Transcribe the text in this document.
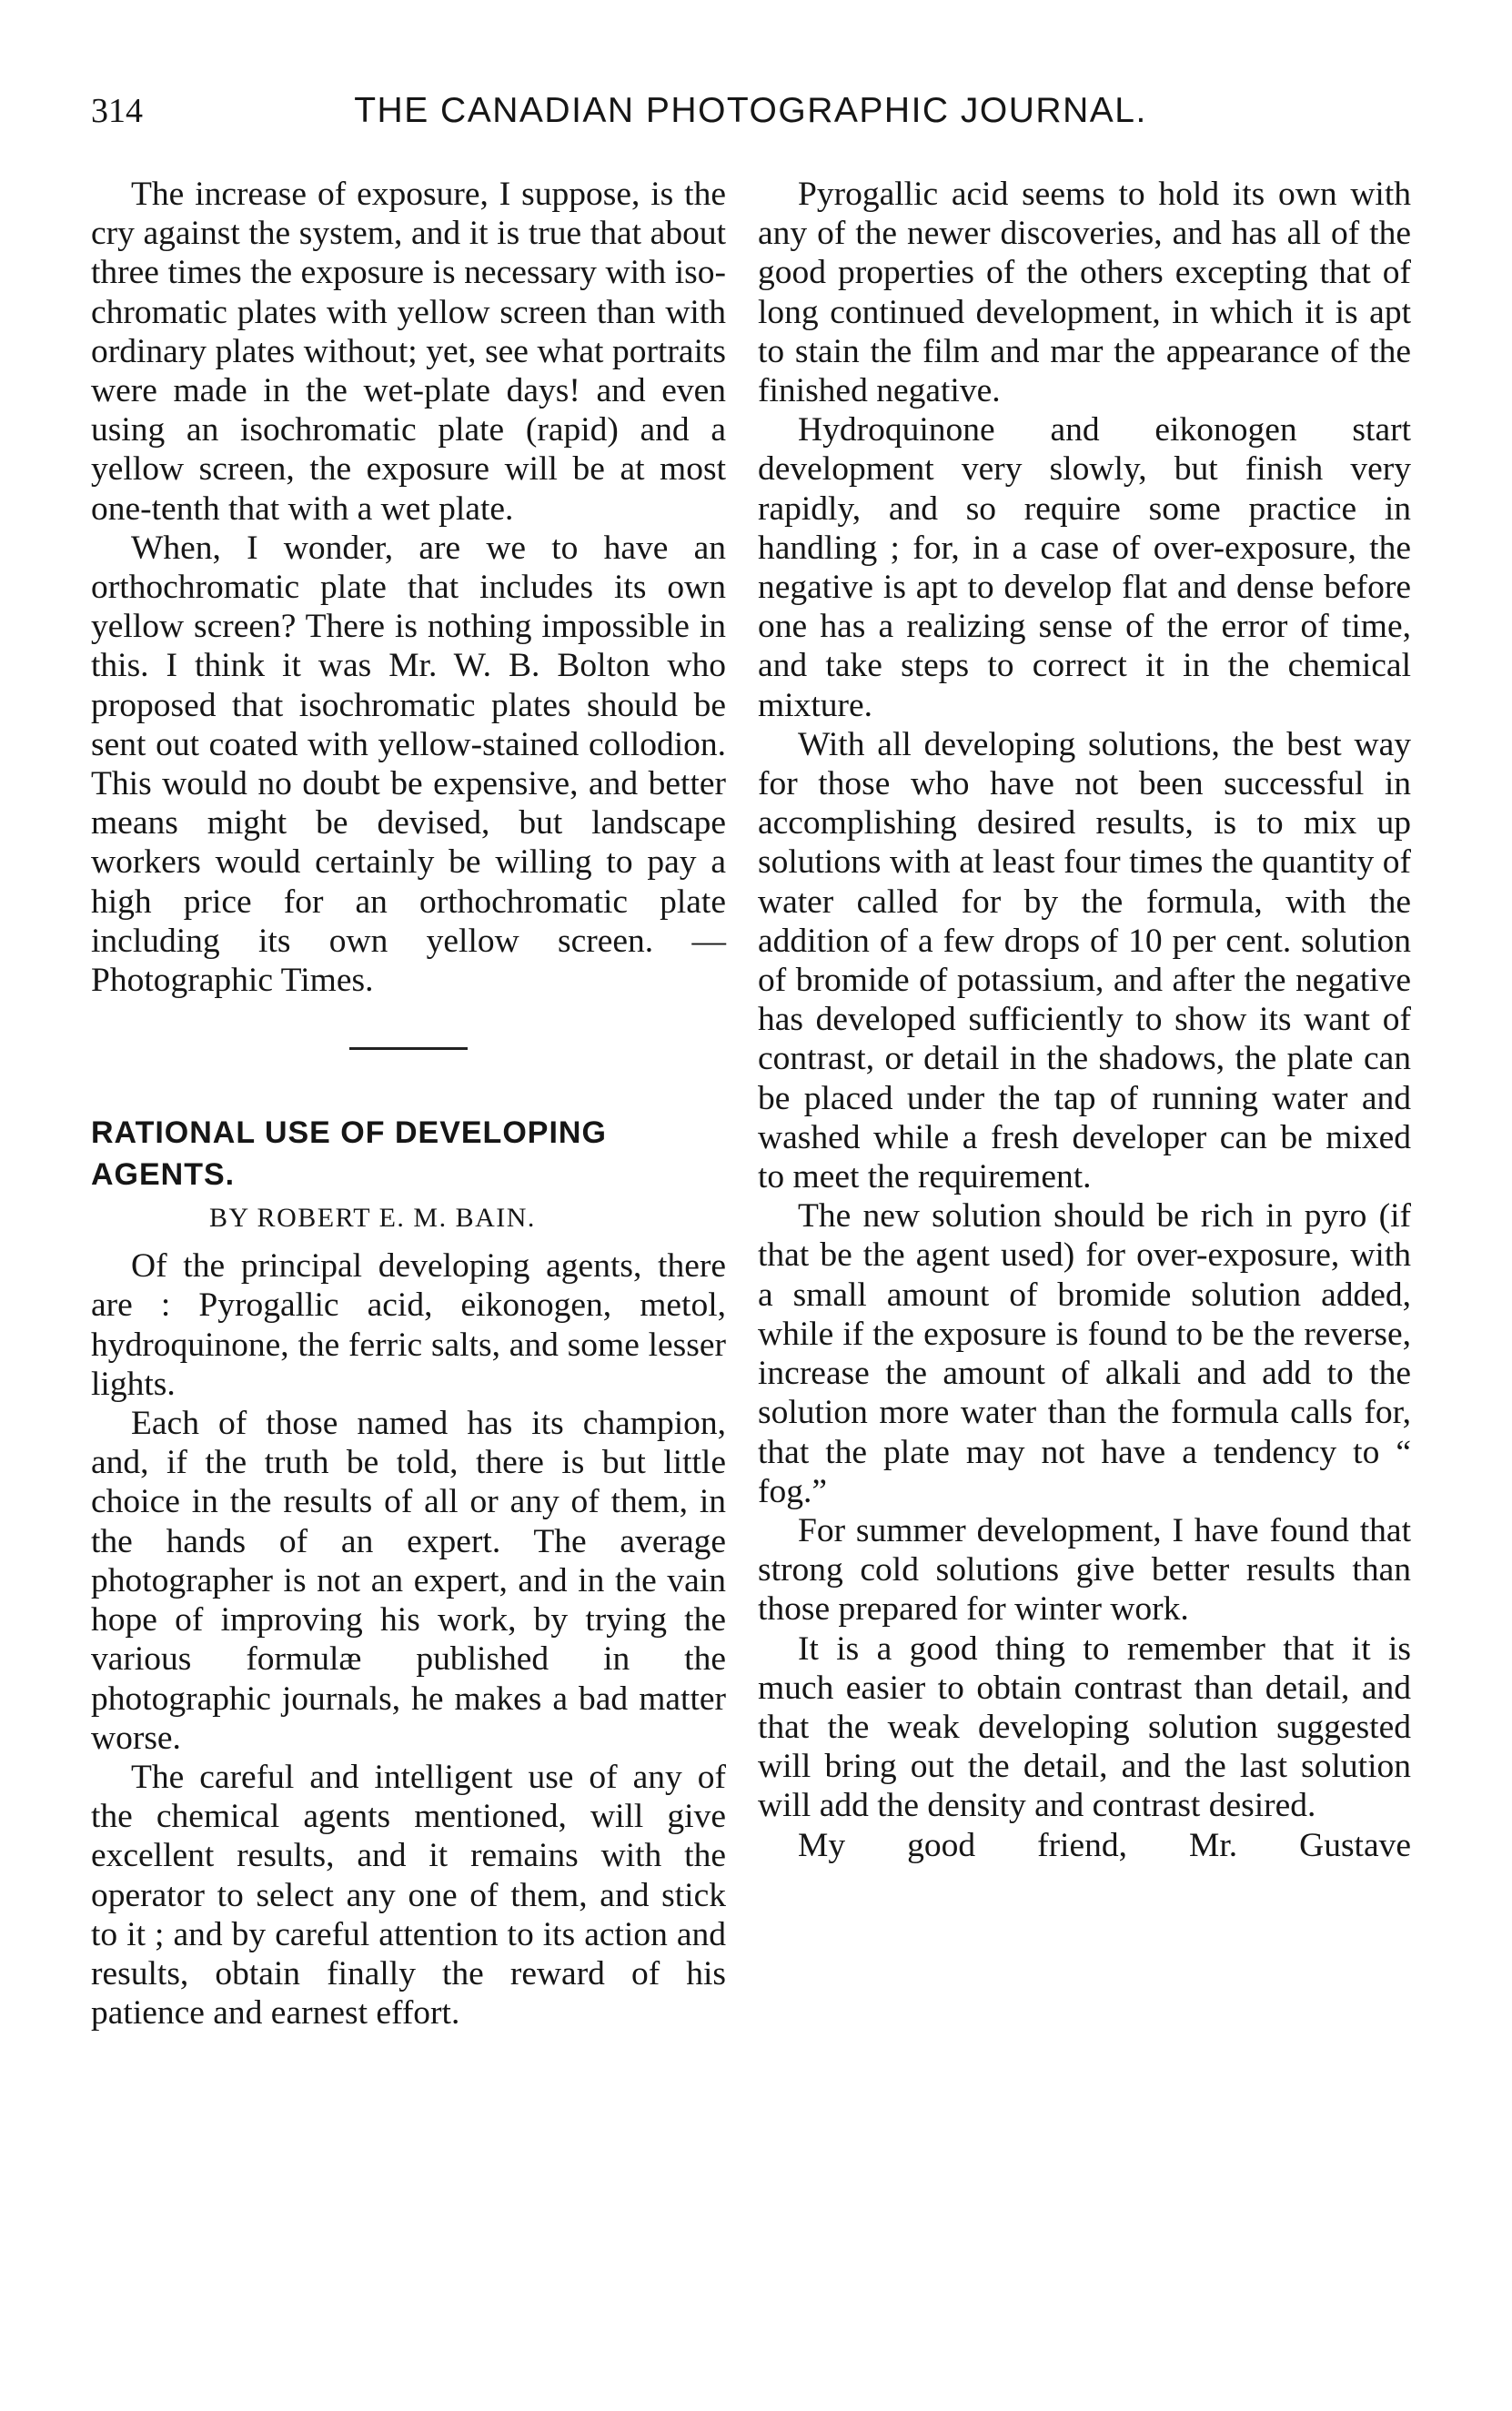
314	THE CANADIAN PHOTOGRAPHIC JOURNAL.

The increase of exposure, I suppose, is the cry against the system, and it is true that about three times the exposure is necessary with isochromatic plates with yellow screen than with ordinary plates without; yet, see what portraits were made in the wet-plate days! and even using an isochromatic plate (rapid) and a yellow screen, the exposure will be at most one-tenth that with a wet plate.

When, I wonder, are we to have an orthochromatic plate that includes its own yellow screen? There is nothing impossible in this. I think it was Mr. W. B. Bolton who proposed that isochromatic plates should be sent out coated with yellow-stained collodion. This would no doubt be expensive, and better means might be devised, but landscape workers would certainly be willing to pay a high price for an orthochromatic plate including its own yellow screen. — Photographic Times.

RATIONAL USE OF DEVELOPING AGENTS.
BY ROBERT E. M. BAIN.

Of the principal developing agents, there are : Pyrogallic acid, eikonogen, metol, hydroquinone, the ferric salts, and some lesser lights.

Each of those named has its champion, and, if the truth be told, there is but little choice in the results of all or any of them, in the hands of an expert. The average photographer is not an expert, and in the vain hope of improving his work, by trying the various formulæ published in the photographic journals, he makes a bad matter worse.

The careful and intelligent use of any of the chemical agents mentioned, will give excellent results, and it remains with the operator to select any one of them, and stick to it ; and by careful attention to its action and results, obtain finally the reward of his patience and earnest effort.

Pyrogallic acid seems to hold its own with any of the newer discoveries, and has all of the good properties of the others excepting that of long continued development, in which it is apt to stain the film and mar the appearance of the finished negative.

Hydroquinone and eikonogen start development very slowly, but finish very rapidly, and so require some practice in handling ; for, in a case of over-exposure, the negative is apt to develop flat and dense before one has a realizing sense of the error of time, and take steps to correct it in the chemical mixture.

With all developing solutions, the best way for those who have not been successful in accomplishing desired results, is to mix up solutions with at least four times the quantity of water called for by the formula, with the addition of a few drops of 10 per cent. solution of bromide of potassium, and after the negative has developed sufficiently to show its want of contrast, or detail in the shadows, the plate can be placed under the tap of running water and washed while a fresh developer can be mixed to meet the requirement.

The new solution should be rich in pyro (if that be the agent used) for over-exposure, with a small amount of bromide solution added, while if the exposure is found to be the reverse, increase the amount of alkali and add to the solution more water than the formula calls for, that the plate may not have a tendency to “ fog.”

For summer development, I have found that strong cold solutions give better results than those prepared for winter work.

It is a good thing to remember that it is much easier to obtain contrast than detail, and that the weak developing solution suggested will bring out the detail, and the last solution will add the density and contrast desired.

My good friend, Mr. Gustave
